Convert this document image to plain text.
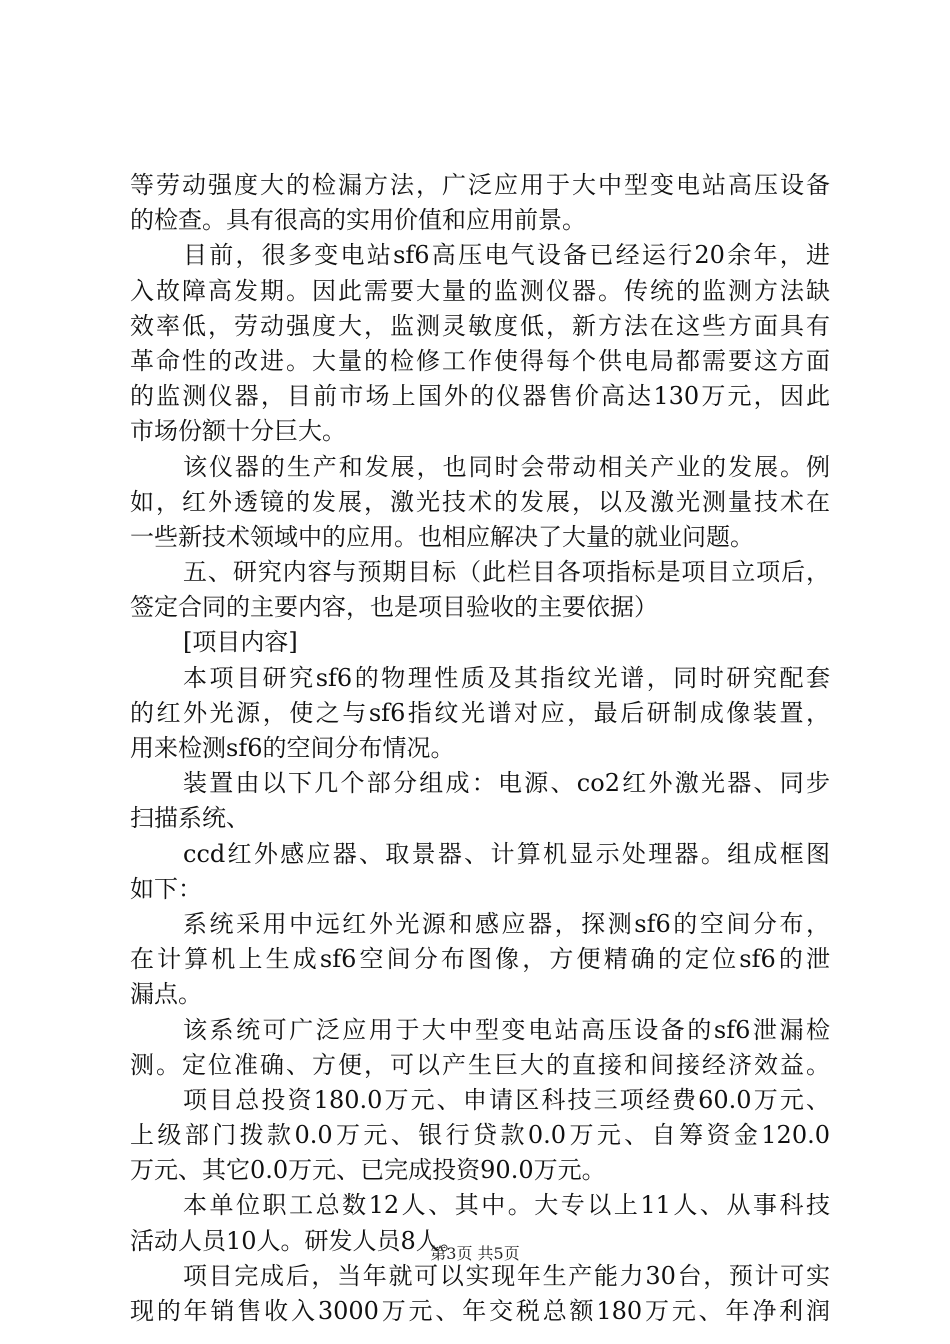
等劳动强度大的检漏方法，广泛应用于大中型变电站高压设备
的检查。具有很高的实用价值和应用前景。
目前，很多变电站sf6高压电气设备已经运行20余年，进
入故障高发期。因此需要大量的监测仪器。传统的监测方法缺
效率低，劳动强度大，监测灵敏度低，新方法在这些方面具有
革命性的改进。大量的检修工作使得每个供电局都需要这方面
的监测仪器，目前市场上国外的仪器售价高达130万元，因此
市场份额十分巨大。
该仪器的生产和发展，也同时会带动相关产业的发展。例
如，红外透镜的发展，激光技术的发展，以及激光测量技术在
一些新技术领域中的应用。也相应解决了大量的就业问题。
五、研究内容与预期目标（此栏目各项指标是项目立项后，
签定合同的主要内容，也是项目验收的主要依据）
[项目内容]
本项目研究sf6的物理性质及其指纹光谱，同时研究配套
的红外光源，使之与sf6指纹光谱对应，最后研制成像装置，
用来检测sf6的空间分布情况。
装置由以下几个部分组成：电源、co2红外激光器、同步
扫描系统、
ccd红外感应器、取景器、计算机显示处理器。组成框图
如下：
系统采用中远红外光源和感应器，探测sf6的空间分布，
在计算机上生成sf6空间分布图像，方便精确的定位sf6的泄
漏点。
该系统可广泛应用于大中型变电站高压设备的sf6泄漏检
测。定位准确、方便，可以产生巨大的直接和间接经济效益。
项目总投资180.0万元、申请区科技三项经费60.0万元、
上级部门拨款0.0万元、银行贷款0.0万元、自筹资金120.0
万元、其它0.0万元、已完成投资90.0万元。
本单位职工总数12人、其中。大专以上11人、从事科技
活动人员10人。研发人员8人。
项目完成后，当年就可以实现年生产能力30台，预计可实
现的年销售收入3000万元、年交税总额180万元、年净利润
第3页 共5页
